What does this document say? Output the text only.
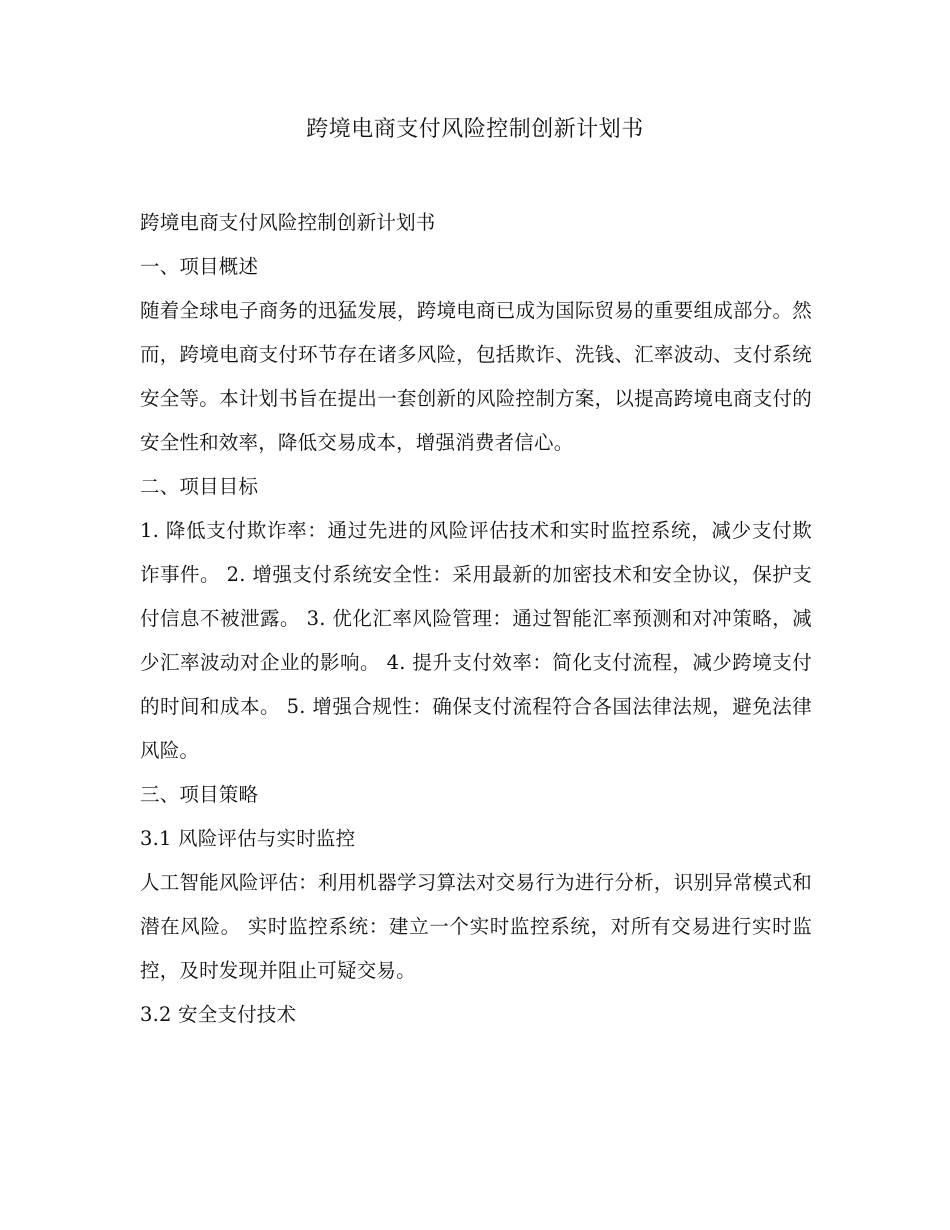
跨境电商支付风险控制创新计划书

跨境电商支付风险控制创新计划书

一、项目概述

随着全球电子商务的迅猛发展，跨境电商已成为国际贸易的重要组成部分。然而，跨境电商支付环节存在诸多风险，包括欺诈、洗钱、汇率波动、支付系统安全等。本计划书旨在提出一套创新的风险控制方案，以提高跨境电商支付的安全性和效率，降低交易成本，增强消费者信心。

二、项目目标

1. 降低支付欺诈率：通过先进的风险评估技术和实时监控系统，减少支付欺诈事件。 2. 增强支付系统安全性：采用最新的加密技术和安全协议，保护支付信息不被泄露。 3. 优化汇率风险管理：通过智能汇率预测和对冲策略，减少汇率波动对企业的影响。 4. 提升支付效率：简化支付流程，减少跨境支付的时间和成本。 5. 增强合规性：确保支付流程符合各国法律法规，避免法律风险。

三、项目策略

3.1 风险评估与实时监控

人工智能风险评估：利用机器学习算法对交易行为进行分析，识别异常模式和潜在风险。 实时监控系统：建立一个实时监控系统，对所有交易进行实时监控，及时发现并阻止可疑交易。

3.2 安全支付技术
